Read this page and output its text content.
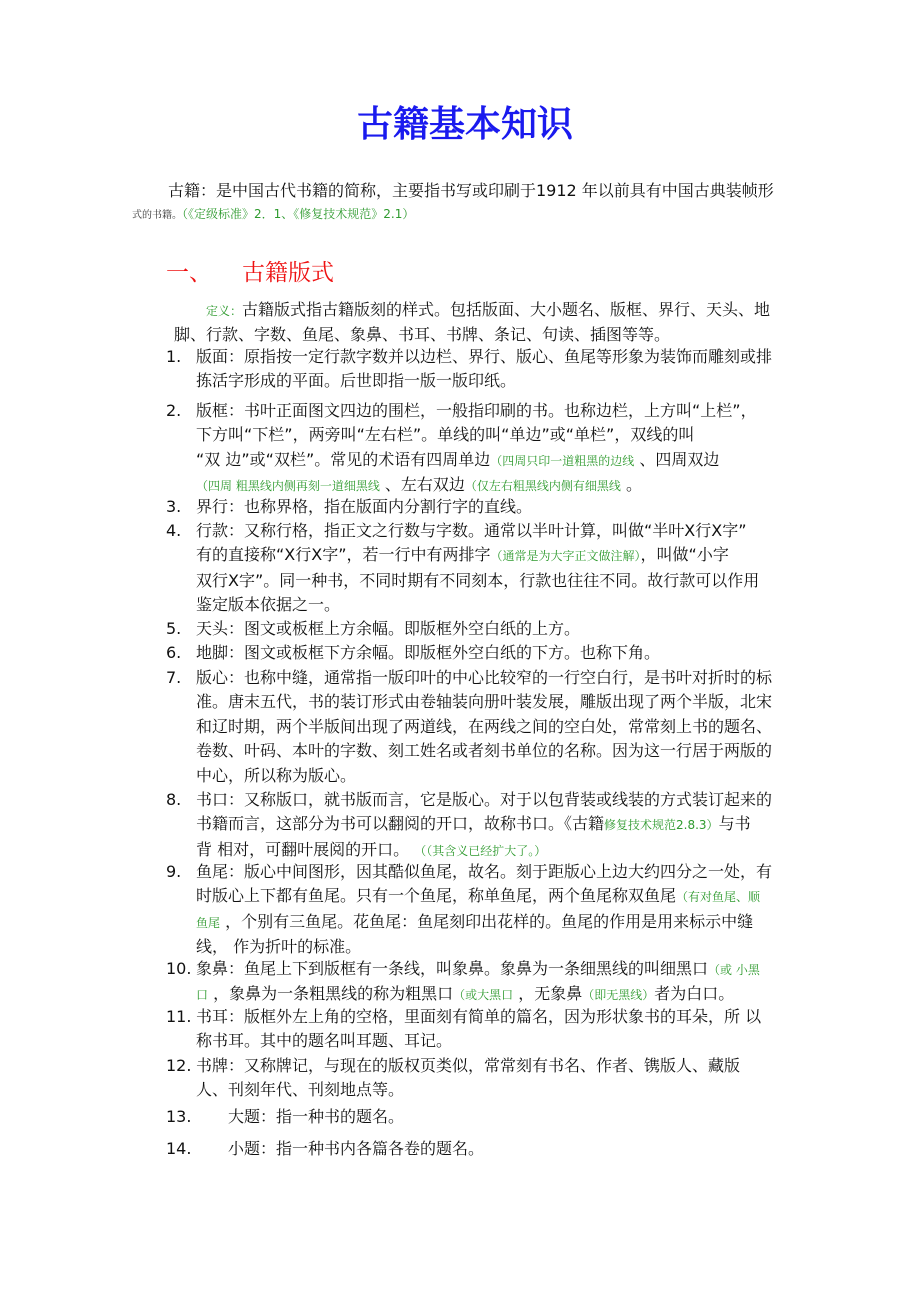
古籍基本知识
古籍：是中国古代书籍的简称，主要指书写或印刷于1912 年以前具有中国古典装帧形
式的书籍。（《定级标准》2．1、《修复技术规范》2.1）
一、 古籍版式
定义：古籍版式指古籍版刻的样式。包括版面、大小题名、版框、界行、天头、地
脚、行款、字数、鱼尾、象鼻、书耳、书牌、条记、句读、插图等等。
1. 版面：原指按一定行款字数并以边栏、界行、版心、鱼尾等形象为装饰而雕刻或排
拣活字形成的平面。后世即指一版一版印纸。
2. 版框：书叶正面图文四边的围栏，一般指印刷的书。也称边栏，上方叫“上栏”，
下方叫“下栏”，两旁叫“左右栏”。单线的叫“单边”或“单栏”，双线的叫
“双 边”或“双栏”。常见的术语有四周单边（四周只印一道粗黑的边线 、四周双边
（四周 粗黑线内侧再刻一道细黑线 、左右双边（仅左右粗黑线内侧有细黑线 。
3. 界行：也称界格，指在版面内分割行字的直线。
4. 行款：又称行格，指正文之行数与字数。通常以半叶计算，叫做“半叶X行X字”
有的直接称“X行X字”，若一行中有两排字（通常是为大字正文做注解），叫做“小字
双行X字”。同一种书，不同时期有不同刻本，行款也往往不同。故行款可以作用
鉴定版本依据之一。
5. 天头：图文或板框上方余幅。即版框外空白纸的上方。
6. 地脚：图文或板框下方余幅。即版框外空白纸的下方。也称下角。
7. 版心：也称中缝，通常指一版印叶的中心比较窄的一行空白行，是书叶对折时的标
准。唐末五代，书的装订形式由卷轴装向册叶装发展，雕版出现了两个半版，北宋
和辽时期，两个半版间出现了两道线，在两线之间的空白处，常常刻上书的题名、
卷数、叶码、本叶的字数、刻工姓名或者刻书单位的名称。因为这一行居于两版的
中心，所以称为版心。
8. 书口：又称版口，就书版而言，它是版心。对于以包背装或线装的方式装订起来的
书籍而言，这部分为书可以翻阅的开口，故称书口。《古籍修复技术规范2.8.3）与书
背 相对，可翻叶展阅的开口。 （（其含义已经扩大了。）
9. 鱼尾：版心中间图形，因其酷似鱼尾，故名。刻于距版心上边大约四分之一处，有
时版心上下都有鱼尾。只有一个鱼尾，称单鱼尾，两个鱼尾称双鱼尾（有对鱼尾、顺
鱼尾 ，个别有三鱼尾。花鱼尾：鱼尾刻印出花样的。鱼尾的作用是用来标示中缝
线， 作为折叶的标准。
10. 象鼻：鱼尾上下到版框有一条线，叫象鼻。象鼻为一条细黑线的叫细黑口（或 小黑
口 ，象鼻为一条粗黑线的称为粗黑口（或大黑口 ，无象鼻（即无黑线）者为白口。
11. 书耳：版框外左上角的空格，里面刻有简单的篇名，因为形状象书的耳朵，所 以
称书耳。其中的题名叫耳题、耳记。
12. 书牌：又称牌记，与现在的版权页类似，常常刻有书名、作者、镌版人、藏版
人、刊刻年代、刊刻地点等。
13.	大题：指一种书的题名。
14.	小题：指一种书内各篇各卷的题名。
